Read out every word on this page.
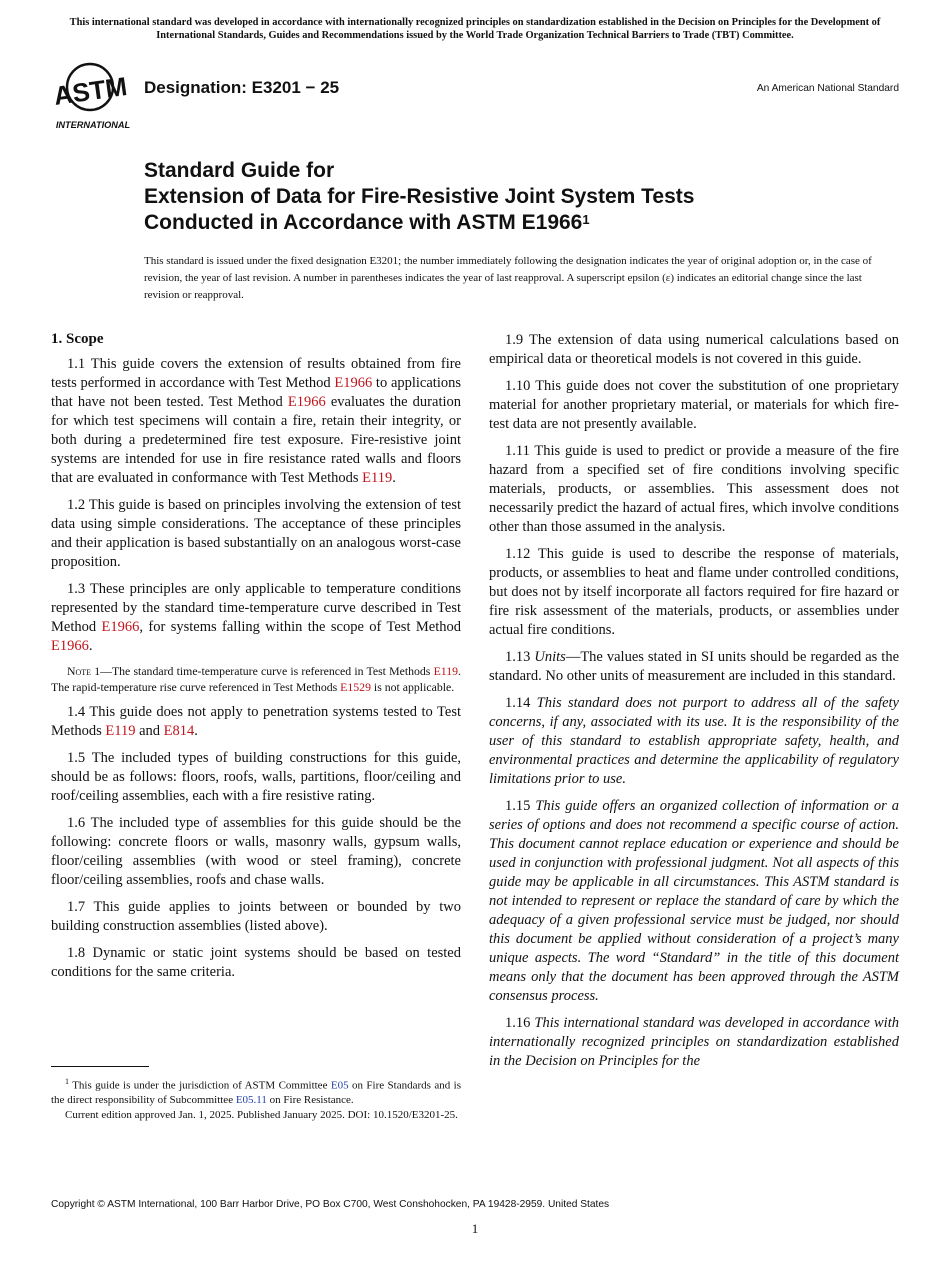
This international standard was developed in accordance with internationally recognized principles on standardization established in the Decision on Principles for the Development of International Standards, Guides and Recommendations issued by the World Trade Organization Technical Barriers to Trade (TBT) Committee.
ASTM
INTERNATIONAL
Designation: E3201 − 25	An American National Standard
Standard Guide for
Extension of Data for Fire-Resistive Joint System Tests
Conducted in Accordance with ASTM E1966$^1$
This standard is issued under the fixed designation E3201; the number immediately following the designation indicates the year of original adoption or, in the case of revision, the year of last revision. A number in parentheses indicates the year of last reapproval. A superscript epsilon (ε) indicates an editorial change since the last revision or reapproval.
1. Scope

1.1 This guide covers the extension of results obtained from fire tests performed in accordance with Test Method E1966 to applications that have not been tested. Test Method E1966 evaluates the duration for which test specimens will contain a fire, retain their integrity, or both during a predetermined fire test exposure. Fire-resistive joint systems are intended for use in fire resistance rated walls and floors that are evaluated in conformance with Test Methods E119.

1.2 This guide is based on principles involving the extension of test data using simple considerations. The acceptance of these principles and their application is based substantially on an analogous worst-case proposition.

1.3 These principles are only applicable to temperature conditions represented by the standard time-temperature curve described in Test Method E1966, for systems falling within the scope of Test Method E1966.

Note 1—The standard time-temperature curve is referenced in Test Methods E119. The rapid-temperature rise curve referenced in Test Methods E1529 is not applicable.

1.4 This guide does not apply to penetration systems tested to Test Methods E119 and E814.

1.5 The included types of building constructions for this guide, should be as follows: floors, roofs, walls, partitions, floor/ceiling and roof/ceiling assemblies, each with a fire resistive rating.

1.6 The included type of assemblies for this guide should be the following: concrete floors or walls, masonry walls, gypsum walls, floor/ceiling assemblies (with wood or steel framing), concrete floor/ceiling assemblies, roofs and chase walls.

1.7 This guide applies to joints between or bounded by two building construction assemblies (listed above).

1.8 Dynamic or static joint systems should be based on tested conditions for the same criteria.

1.9 The extension of data using numerical calculations based on empirical data or theoretical models is not covered in this guide.

1.10 This guide does not cover the substitution of one proprietary material for another proprietary material, or materials for which fire-test data are not presently available.

1.11 This guide is used to predict or provide a measure of the fire hazard from a specified set of fire conditions involving specific materials, products, or assemblies. This assessment does not necessarily predict the hazard of actual fires, which involve conditions other than those assumed in the analysis.

1.12 This guide is used to describe the response of materials, products, or assemblies to heat and flame under controlled conditions, but does not by itself incorporate all factors required for fire hazard or fire risk assessment of the materials, products, or assemblies under actual fire conditions.

1.13 Units—The values stated in SI units should be regarded as the standard. No other units of measurement are included in this standard.

1.14 This standard does not purport to address all of the safety concerns, if any, associated with its use. It is the responsibility of the user of this standard to establish appropriate safety, health, and environmental practices and determine the applicability of regulatory limitations prior to use.

1.15 This guide offers an organized collection of information or a series of options and does not recommend a specific course of action. This document cannot replace education or experience and should be used in conjunction with professional judgment. Not all aspects of this guide may be applicable in all circumstances. This ASTM standard is not intended to represent or replace the standard of care by which the adequacy of a given professional service must be judged, nor should this document be applied without consideration of a project’s many unique aspects. The word “Standard” in the title of this document means only that the document has been approved through the ASTM consensus process.

1.16 This international standard was developed in accordance with internationally recognized principles on standardization established in the Decision on Principles for the

$^1$ This guide is under the jurisdiction of ASTM Committee E05 on Fire Standards and is the direct responsibility of Subcommittee E05.11 on Fire Resistance.

Current edition approved Jan. 1, 2025. Published January 2025. DOI: 10.1520/E3201-25.

Copyright © ASTM International, 100 Barr Harbor Drive, PO Box C700, West Conshohocken, PA 19428-2959. United States
1
